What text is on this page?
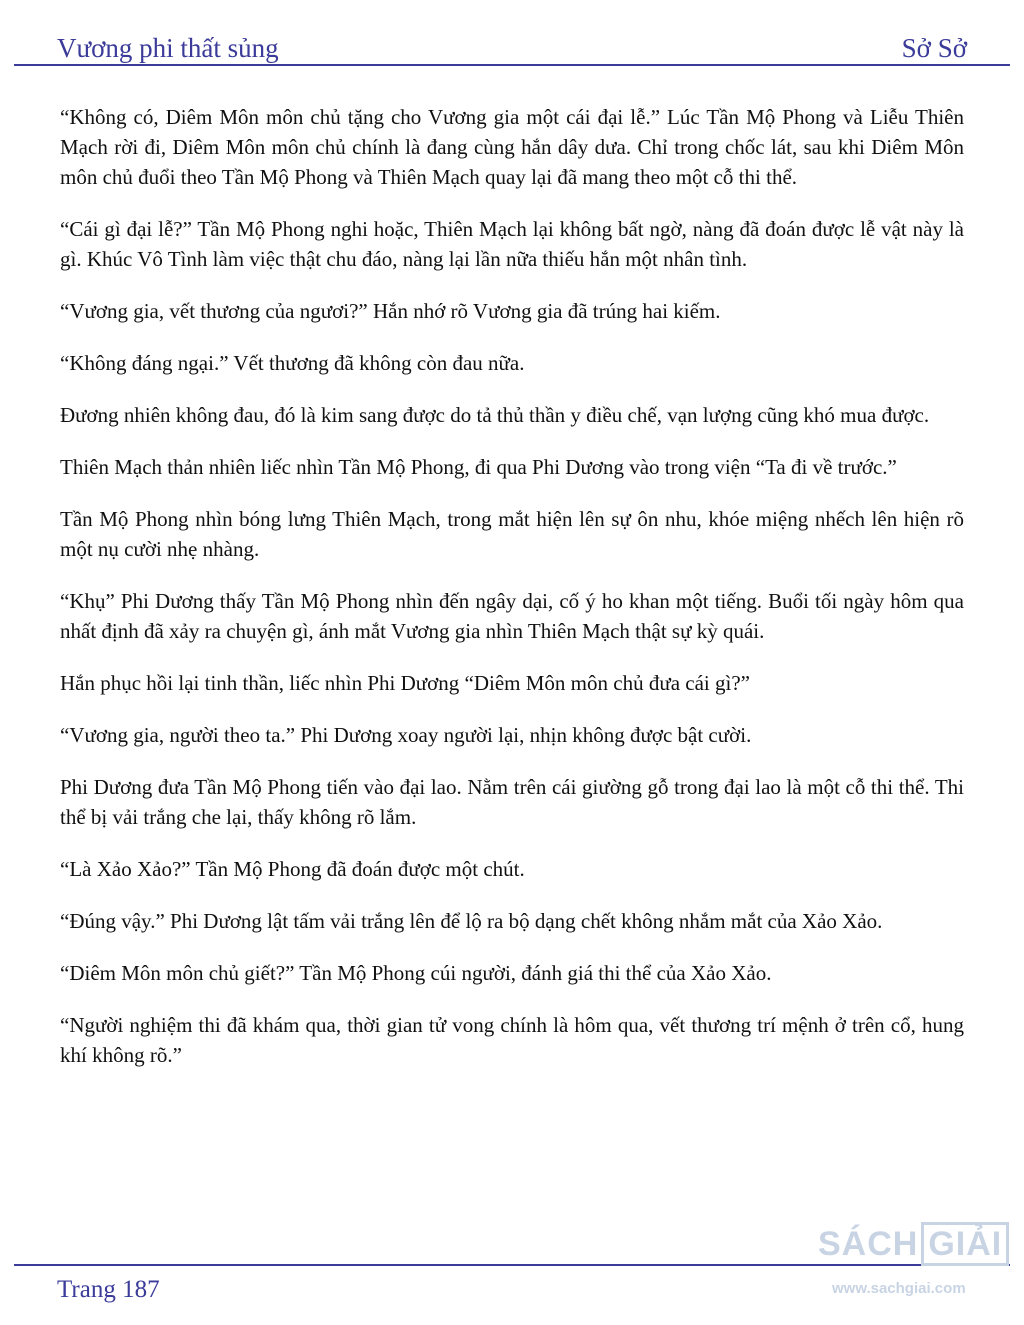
Vương phi thất sủng	Sở Sở

“Không có, Diêm Môn môn chủ tặng cho Vương gia một cái đại lễ.” Lúc Tần Mộ Phong và Liễu Thiên Mạch rời đi, Diêm Môn môn chủ chính là đang cùng hắn dây dưa. Chỉ trong chốc lát, sau khi Diêm Môn môn chủ đuổi theo Tần Mộ Phong và Thiên Mạch quay lại đã mang theo một cỗ thi thể.

“Cái gì đại lễ?” Tần Mộ Phong nghi hoặc, Thiên Mạch lại không bất ngờ, nàng đã đoán được lễ vật này là gì. Khúc Vô Tình làm việc thật chu đáo, nàng lại lần nữa thiếu hắn một nhân tình.

“Vương gia, vết thương của ngươi?” Hắn nhớ rõ Vương gia đã trúng hai kiếm.

“Không đáng ngại.” Vết thương đã không còn đau nữa.

Đương nhiên không đau, đó là kim sang được do tả thủ thần y điều chế, vạn lượng cũng khó mua được.

Thiên Mạch thản nhiên liếc nhìn Tần Mộ Phong, đi qua Phi Dương vào trong viện “Ta đi về trước.”

Tần Mộ Phong nhìn bóng lưng Thiên Mạch, trong mắt hiện lên sự ôn nhu, khóe miệng nhếch lên hiện rõ một nụ cười nhẹ nhàng.

“Khụ” Phi Dương thấy Tần Mộ Phong nhìn đến ngây dại, cố ý ho khan một tiếng. Buổi tối ngày hôm qua nhất định đã xảy ra chuyện gì, ánh mắt Vương gia nhìn Thiên Mạch thật sự kỳ quái.

Hắn phục hồi lại tinh thần, liếc nhìn Phi Dương “Diêm Môn môn chủ đưa cái gì?”

“Vương gia, người theo ta.” Phi Dương xoay người lại, nhịn không được bật cười.

Phi Dương đưa Tần Mộ Phong tiến vào đại lao. Nằm trên cái giường gỗ trong đại lao là một cỗ thi thể. Thi thể bị vải trắng che lại, thấy không rõ lắm.

“Là Xảo Xảo?” Tần Mộ Phong đã đoán được một chút.

“Đúng vậy.” Phi Dương lật tấm vải trắng lên để lộ ra bộ dạng chết không nhắm mắt của Xảo Xảo.

“Diêm Môn môn chủ giết?” Tần Mộ Phong cúi người, đánh giá thi thể của Xảo Xảo.

“Người nghiệm thi đã khám qua, thời gian tử vong chính là hôm qua, vết thương trí mệnh ở trên cổ, hung khí không rõ.”

Trang 187
SÁCH GIẢI
www.sachgiai.com
